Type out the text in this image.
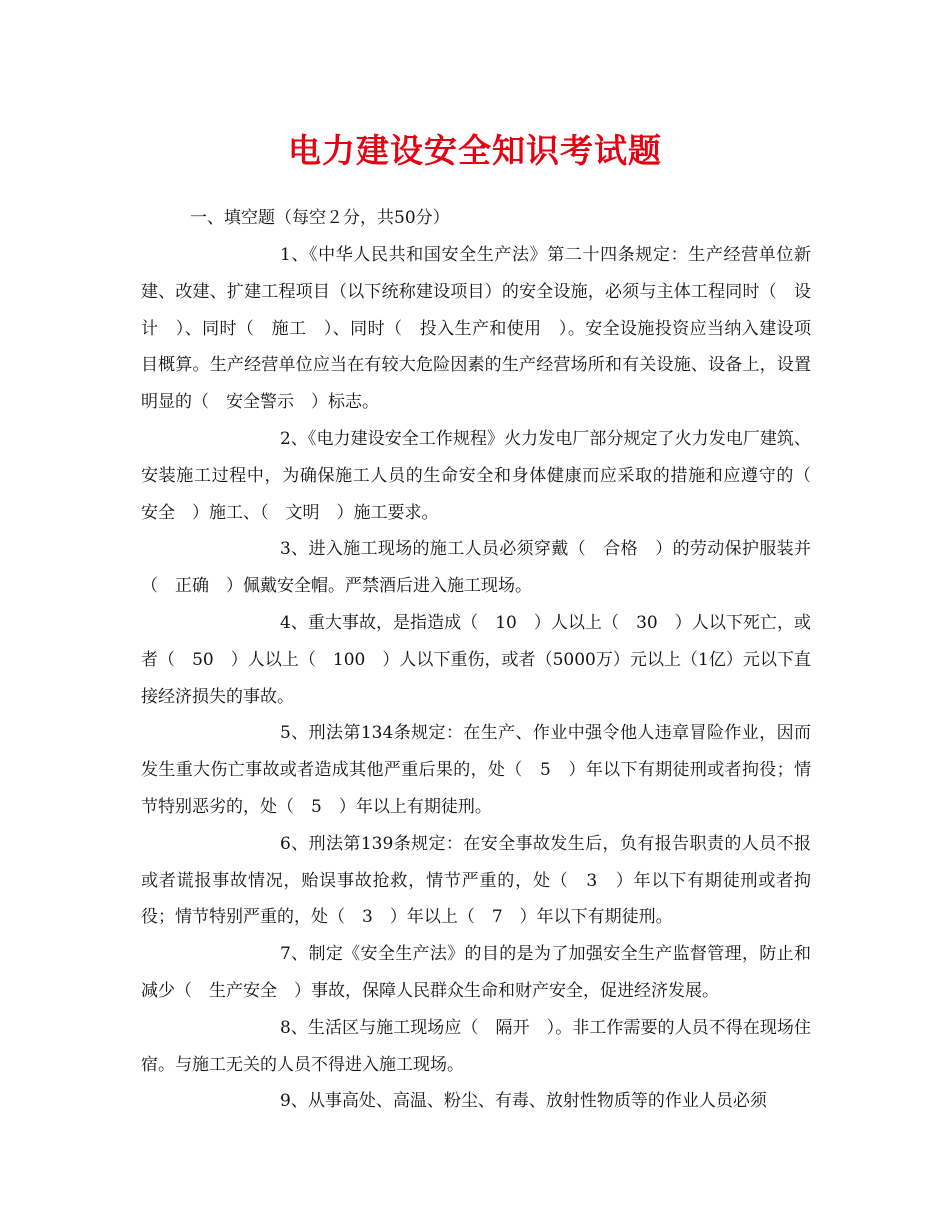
电力建设安全知识考试题

一、填空题（每空２分，共50分）

1、《中华人民共和国安全生产法》第二十四条规定：生产经营单位新建、改建、扩建工程项目（以下统称建设项目）的安全设施，必须与主体工程同时（　设计　）、同时（　施工　）、同时（　投入生产和使用　）。安全设施投资应当纳入建设项目概算。生产经营单位应当在有较大危险因素的生产经营场所和有关设施、设备上，设置明显的（　安全警示　）标志。

2、《电力建设安全工作规程》火力发电厂部分规定了火力发电厂建筑、安装施工过程中，为确保施工人员的生命安全和身体健康而应采取的措施和应遵守的（　安全　）施工、（　文明　）施工要求。

3、进入施工现场的施工人员必须穿戴（　合格　）的劳动保护服装并（　正确　）佩戴安全帽。严禁酒后进入施工现场。

4、重大事故，是指造成（　10　）人以上（　30　）人以下死亡，或者（　50　）人以上（　100　）人以下重伤，或者（5000万）元以上（1亿）元以下直接经济损失的事故。

5、刑法第134条规定：在生产、作业中强令他人违章冒险作业，因而发生重大伤亡事故或者造成其他严重后果的，处（　5　）年以下有期徒刑或者拘役；情节特别恶劣的，处（　5　）年以上有期徒刑。

6、刑法第139条规定：在安全事故发生后，负有报告职责的人员不报或者谎报事故情况，贻误事故抢救，情节严重的，处（　3　）年以下有期徒刑或者拘役；情节特别严重的，处（　3　）年以上（　7　）年以下有期徒刑。

7、制定《安全生产法》的目的是为了加强安全生产监督管理，防止和减少（　生产安全　）事故，保障人民群众生命和财产安全，促进经济发展。

8、生活区与施工现场应（　隔开　）。非工作需要的人员不得在现场住宿。与施工无关的人员不得进入施工现场。

9、从事高处、高温、粉尘、有毒、放射性物质等的作业人员必须
